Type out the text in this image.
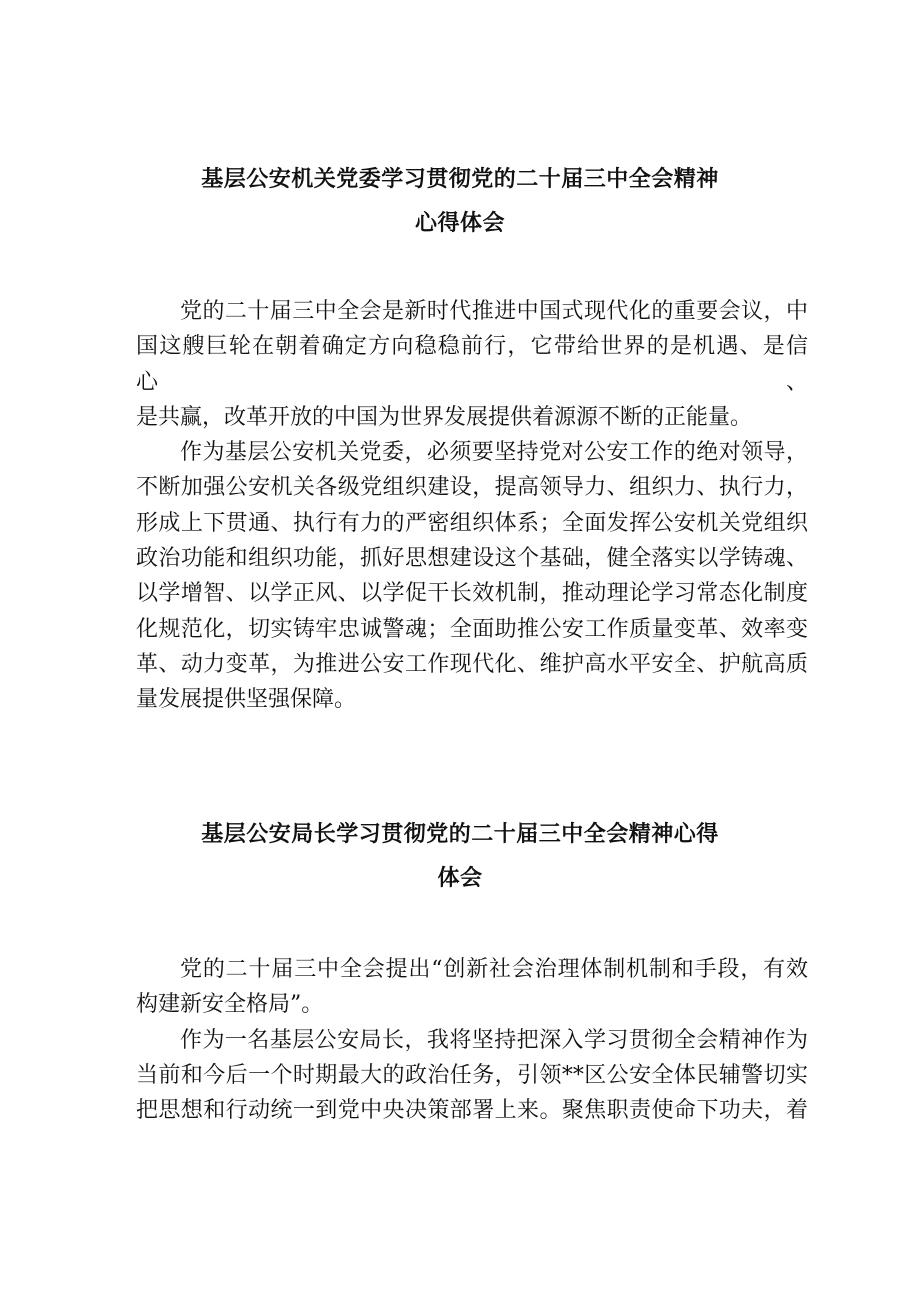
基层公安机关党委学习贯彻党的二十届三中全会精神
心得体会

党的二十届三中全会是新时代推进中国式现代化的重要会议，中

国这艘巨轮在朝着确定方向稳稳前行，它带给世界的是机遇、是信心、

是共赢，改革开放的中国为世界发展提供着源源不断的正能量。

作为基层公安机关党委，必须要坚持党对公安工作的绝对领导，

不断加强公安机关各级党组织建设，提高领导力、组织力、执行力，

形成上下贯通、执行有力的严密组织体系；全面发挥公安机关党组织

政治功能和组织功能，抓好思想建设这个基础，健全落实以学铸魂、

以学增智、以学正风、以学促干长效机制，推动理论学习常态化制度

化规范化，切实铸牢忠诚警魂；全面助推公安工作质量变革、效率变

革、动力变革，为推进公安工作现代化、维护高水平安全、护航高质

量发展提供坚强保障。

基层公安局长学习贯彻党的二十届三中全会精神心得
体会

党的二十届三中全会提出“创新社会治理体制机制和手段，有效

构建新安全格局”。

作为一名基层公安局长，我将坚持把深入学习贯彻全会精神作为

当前和今后一个时期最大的政治任务，引领**区公安全体民辅警切实

把思想和行动统一到党中央决策部署上来。聚焦职责使命下功夫，着
